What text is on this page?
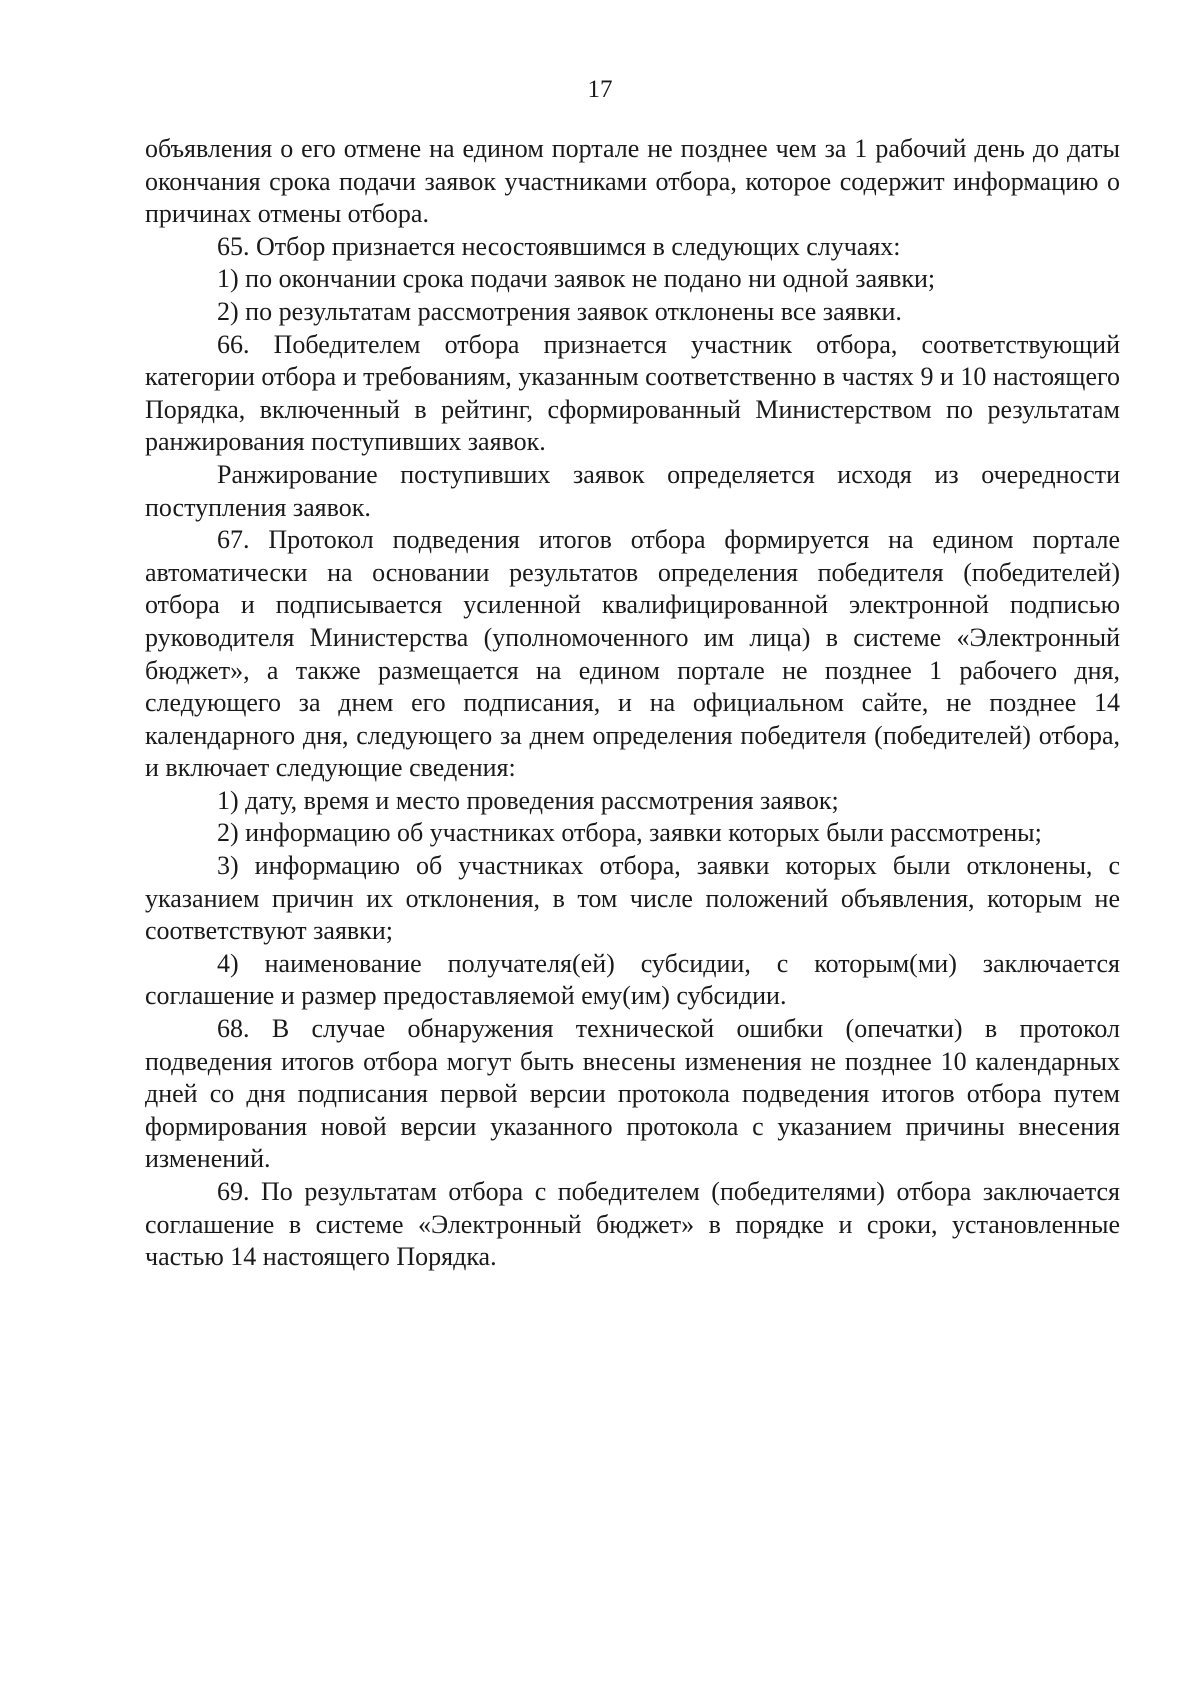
17

объявления о его отмене на едином портале не позднее чем за 1 рабочий день до даты окончания срока подачи заявок участниками отбора, которое содержит информацию о причинах отмены отбора.

65. Отбор признается несостоявшимся в следующих случаях:

1) по окончании срока подачи заявок не подано ни одной заявки;

2) по результатам рассмотрения заявок отклонены все заявки.

66. Победителем отбора признается участник отбора, соответствующий категории отбора и требованиям, указанным соответственно в частях 9 и 10 настоящего Порядка, включенный в рейтинг, сформированный Министерством по результатам ранжирования поступивших заявок.

Ранжирование поступивших заявок определяется исходя из очередности поступления заявок.

67. Протокол подведения итогов отбора формируется на едином портале автоматически на основании результатов определения победителя (победителей) отбора и подписывается усиленной квалифицированной электронной подписью руководителя Министерства (уполномоченного им лица) в системе «Электронный бюджет», а также размещается на едином портале не позднее 1 рабочего дня, следующего за днем его подписания, и на официальном сайте, не позднее 14 календарного дня, следующего за днем определения победителя (победителей) отбора, и включает следующие сведения:

1) дату, время и место проведения рассмотрения заявок;

2) информацию об участниках отбора, заявки которых были рассмотрены;

3) информацию об участниках отбора, заявки которых были отклонены, с указанием причин их отклонения, в том числе положений объявления, которым не соответствуют заявки;

4) наименование получателя(ей) субсидии, с которым(ми) заключается соглашение и размер предоставляемой ему(им) субсидии.

68. В случае обнаружения технической ошибки (опечатки) в протокол подведения итогов отбора могут быть внесены изменения не позднее 10 календарных дней со дня подписания первой версии протокола подведения итогов отбора путем формирования новой версии указанного протокола с указанием причины внесения изменений.

69. По результатам отбора с победителем (победителями) отбора заключается соглашение в системе «Электронный бюджет» в порядке и сроки, установленные частью 14 настоящего Порядка.
